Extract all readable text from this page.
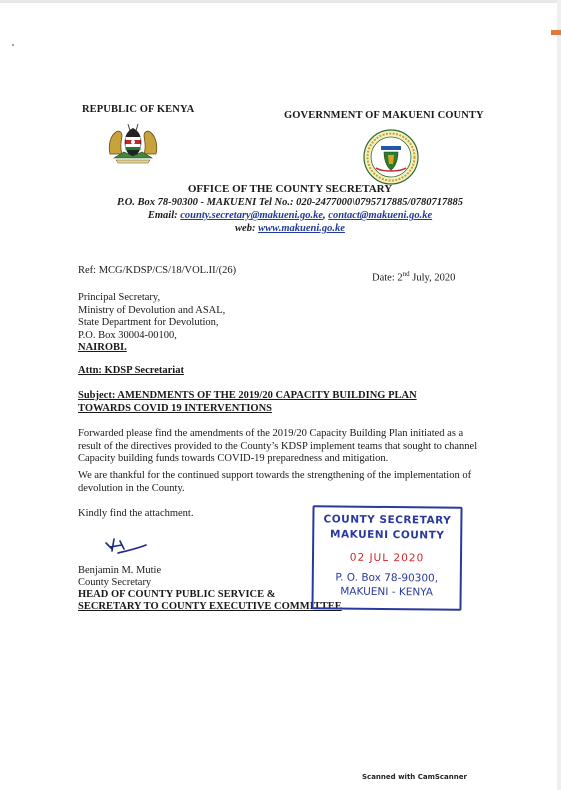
REPUBLIC OF KENYA
GOVERNMENT OF MAKUENI COUNTY
OFFICE OF THE COUNTY SECRETARY
P.O. Box 78-90300 - MAKUENI Tel No.: 020-2477000\0795717885/0780717885
Email: county.secretary@makueni.go.ke, contact@makueni.go.ke
web: www.makueni.go.ke
Ref: MCG/KDSP/CS/18/VOL.II/(26)
Date: 2nd July, 2020
Principal Secretary,
Ministry of Devolution and ASAL,
State Department for Devolution,
P.O. Box 30004-00100,
NAIROBI.
Attn: KDSP Secretariat
Subject: AMENDMENTS OF THE 2019/20 CAPACITY BUILDING PLAN
TOWARDS COVID 19 INTERVENTIONS
Forwarded please find the amendments of the 2019/20 Capacity Building Plan initiated as a result of the directives provided to the County’s KDSP implement teams that sought to channel Capacity building funds towards COVID-19 preparedness and mitigation.
We are thankful for the continued support towards the strengthening of the implementation of devolution in the County.
Kindly find the attachment.
Benjamin M. Mutie
County Secretary
HEAD OF COUNTY PUBLIC SERVICE &
SECRETARY TO COUNTY EXECUTIVE COMMITTEE
COUNTY SECRETARY
MAKUENI COUNTY
02 JUL 2020
P. O. Box 78-90300,
MAKUENI - KENYA
Scanned with CamScanner
